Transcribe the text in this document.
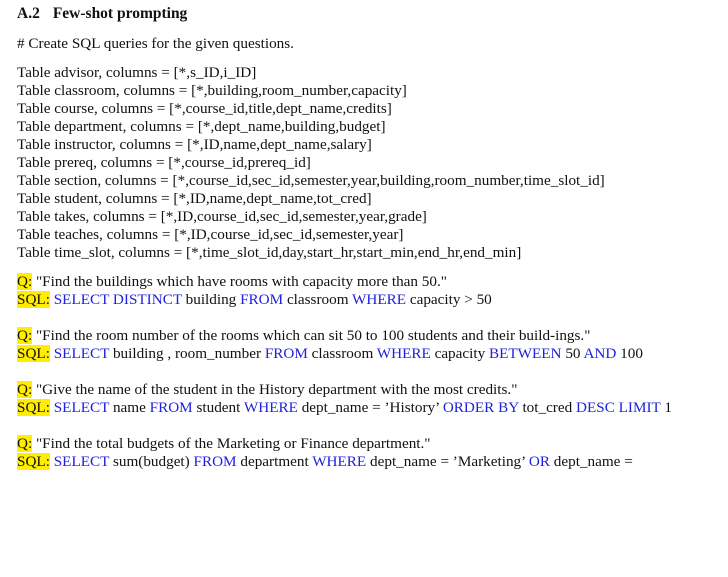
A.2 Few-shot prompting
# Create SQL queries for the given questions.
Table advisor, columns = [*,s_ID,i_ID]
Table classroom, columns = [*,building,room_number,capacity]
Table course, columns = [*,course_id,title,dept_name,credits]
Table department, columns = [*,dept_name,building,budget]
Table instructor, columns = [*,ID,name,dept_name,salary]
Table prereq, columns = [*,course_id,prereq_id]
Table section, columns = [*,course_id,sec_id,semester,year,building,room_number,time_slot_id]
Table student, columns = [*,ID,name,dept_name,tot_cred]
Table takes, columns = [*,ID,course_id,sec_id,semester,year,grade]
Table teaches, columns = [*,ID,course_id,sec_id,semester,year]
Table time_slot, columns = [*,time_slot_id,day,start_hr,start_min,end_hr,end_min]
Q: "Find the buildings which have rooms with capacity more than 50."
SQL: SELECT DISTINCT building FROM classroom WHERE capacity > 50
Q: "Find the room number of the rooms which can sit 50 to 100 students and their build-ings."
SQL: SELECT building , room_number FROM classroom WHERE capacity BETWEEN 50 AND 100
Q: "Give the name of the student in the History department with the most credits."
SQL: SELECT name FROM student WHERE dept_name = ’History’ ORDER BY tot_cred DESC LIMIT 1
Q: "Find the total budgets of the Marketing or Finance department."
SQL: SELECT sum(budget) FROM department WHERE dept_name = ’Marketing’ OR dept_name =
